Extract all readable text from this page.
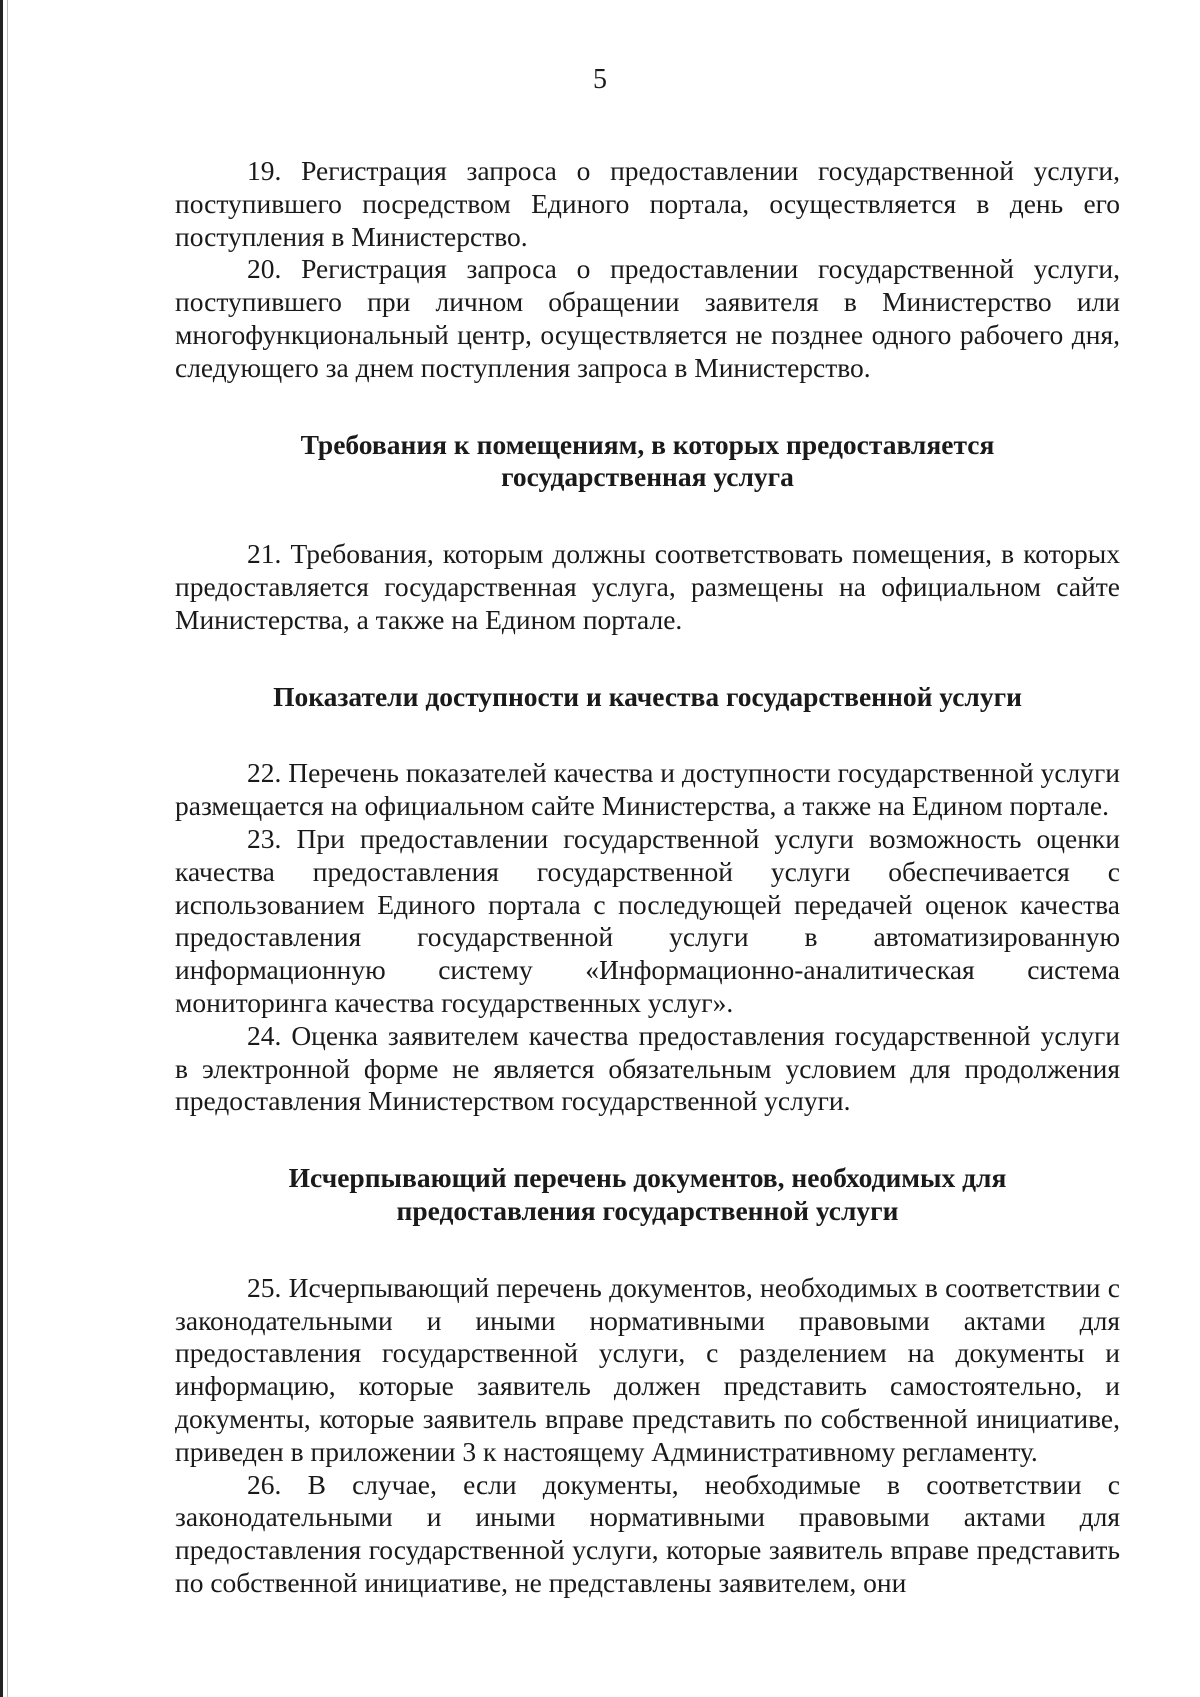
5

19. Регистрация запроса о предоставлении государственной услуги, поступившего посредством Единого портала, осуществляется в день его поступления в Министерство.

20. Регистрация запроса о предоставлении государственной услуги, поступившего при личном обращении заявителя в Министерство или многофункциональный центр, осуществляется не позднее одного рабочего дня, следующего за днем поступления запроса в Министерство.

Требования к помещениям, в которых предоставляется
государственная услуга

21. Требования, которым должны соответствовать помещения, в которых предоставляется государственная услуга, размещены на официальном сайте Министерства, а также на Едином портале.

Показатели доступности и качества государственной услуги

22. Перечень показателей качества и доступности государственной услуги размещается на официальном сайте Министерства, а также на Едином портале.

23. При предоставлении государственной услуги возможность оценки качества предоставления государственной услуги обеспечивается с использованием Единого портала с последующей передачей оценок качества предоставления государственной услуги в автоматизированную информационную систему «Информационно-аналитическая система мониторинга качества государственных услуг».

24. Оценка заявителем качества предоставления государственной услуги в электронной форме не является обязательным условием для продолжения предоставления Министерством государственной услуги.

Исчерпывающий перечень документов, необходимых для
предоставления государственной услуги

25. Исчерпывающий перечень документов, необходимых в соответствии с законодательными и иными нормативными правовыми актами для предоставления государственной услуги, с разделением на документы и информацию, которые заявитель должен представить самостоятельно, и документы, которые заявитель вправе представить по собственной инициативе, приведен в приложении 3 к настоящему Административному регламенту.

26. В случае, если документы, необходимые в соответствии с законодательными и иными нормативными правовыми актами для предоставления государственной услуги, которые заявитель вправе представить по собственной инициативе, не представлены заявителем, они
